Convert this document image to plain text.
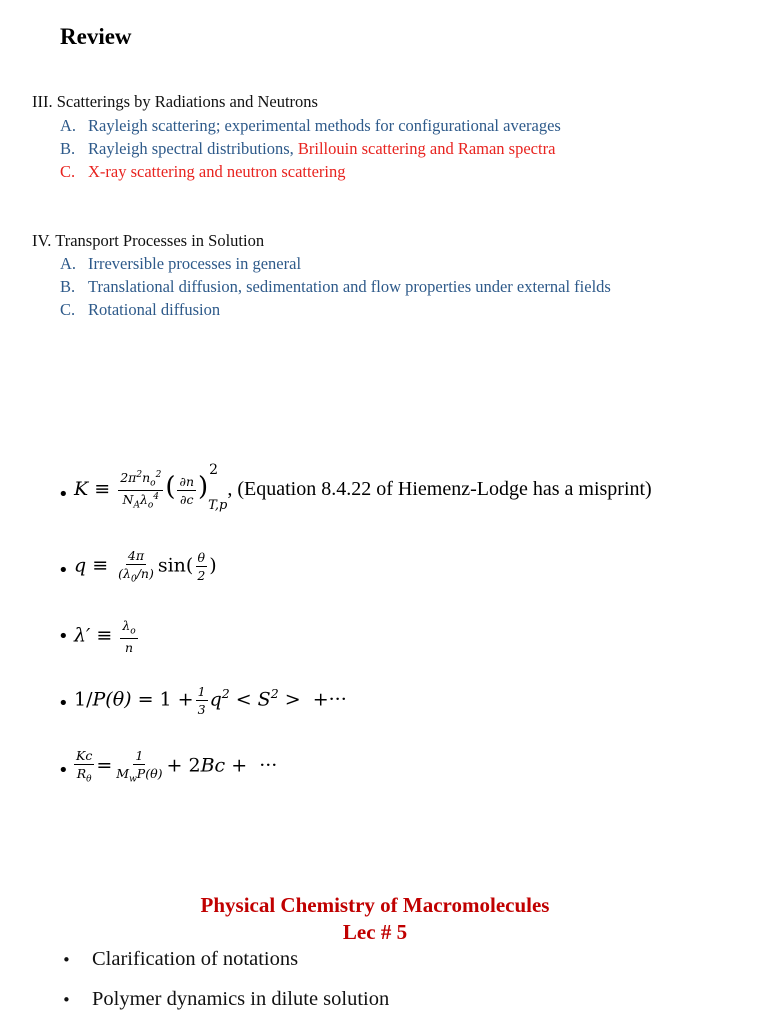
Review
III. Scatterings by Radiations and Neutrons
A. Rayleigh scattering; experimental methods for configurational averages
B. Rayleigh spectral distributions, Brillouin scattering and Raman spectra
C. X-ray scattering and neutron scattering
IV. Transport Processes in Solution
A. Irreversible processes in general
B. Translational diffusion, sedimentation and flow properties under external fields
C. Rotational diffusion
• $K \equiv \frac{2\pi^2n_o^2}{N_A\lambda_o^4}$ ( $\frac{\partial n}{\partial c}$ )
2
$_{T,p}$, (Equation 8.4.22 of Hiemenz-Lodge has a misprint)
• $q \equiv \frac{4\pi}{(\lambda_0/n)} \sin( \frac{\theta}{2}$ )
• $\lambda' \equiv \frac{\lambda_o}{n}$
• $1/P(\theta) = 1 + \frac{1}{3} q^2 < S^2$ >  +···
• $\frac{Kc}{R_\theta} = \frac{1}{M_wP(\theta)} + 2Bc$ +  ···
Physical Chemistry of Macromolecules
Lec # 5
• Clarification of notations
• Polymer dynamics in dilute solution
